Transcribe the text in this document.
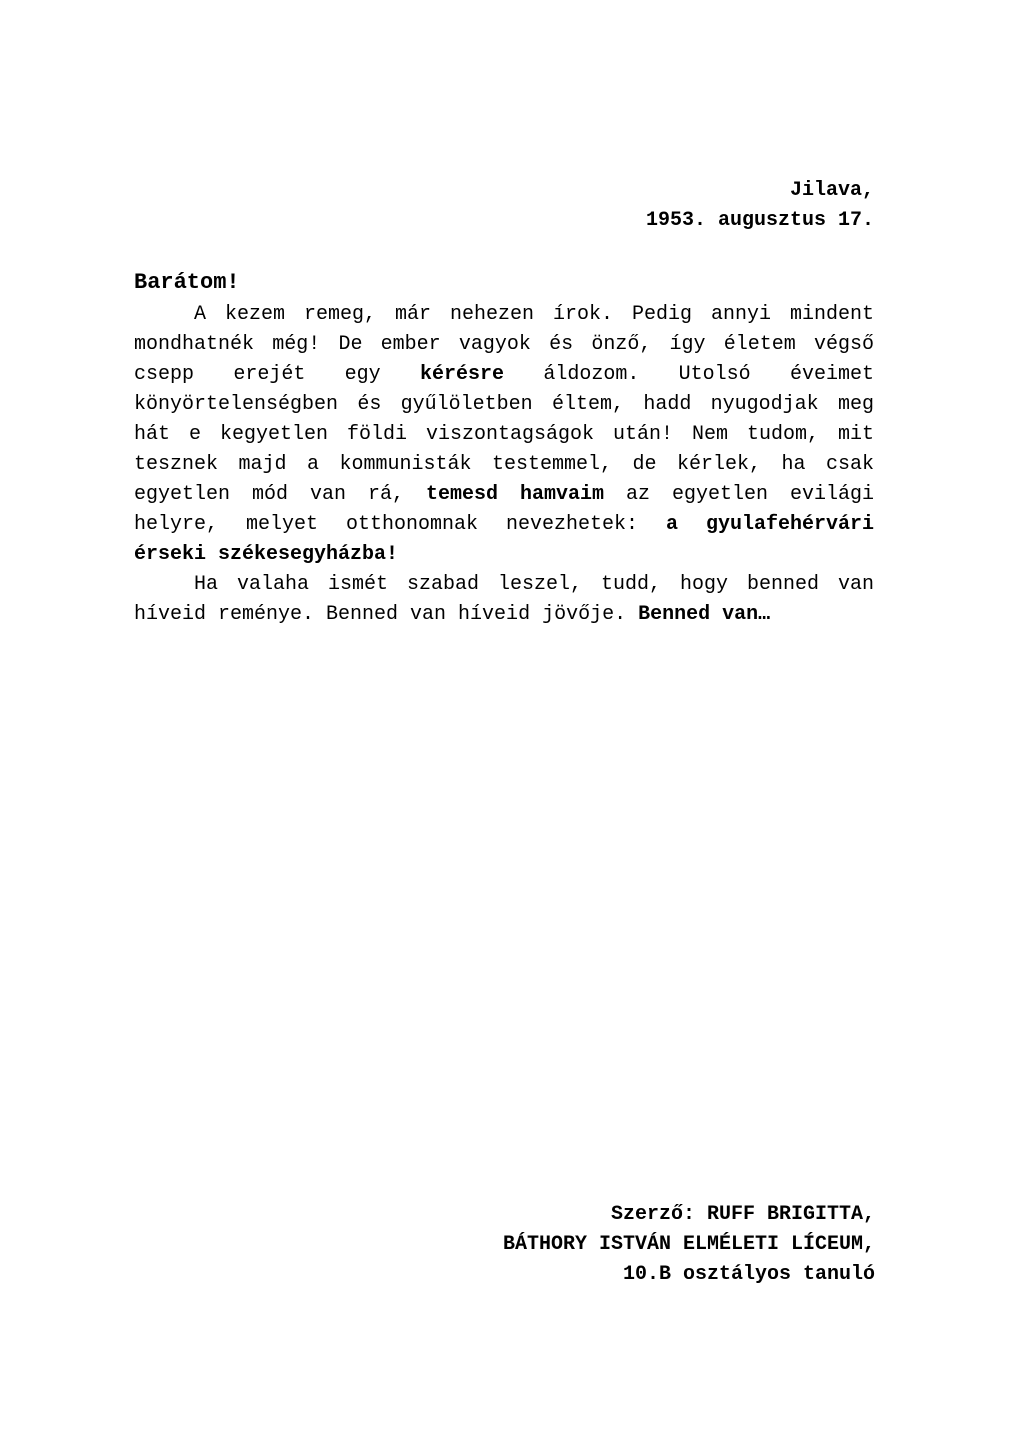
Jilava,
1953. augusztus 17.
Barátom!

A kezem remeg, már nehezen írok. Pedig annyi mindent mondhatnék még! De ember vagyok és önző, így életem végső csepp erejét egy kérésre áldozom. Utolsó éveimet könyörtelenségben és gyűlöletben éltem, hadd nyugodjak meg hát e kegyetlen földi viszontagságok után! Nem tudom, mit tesznek majd a kommunisták testemmel, de kérlek, ha csak egyetlen mód van rá, temesd hamvaim az egyetlen evilági helyre, melyet otthonomnak nevezhetek: a gyulafehérvári érseki székesegyházba!

Ha valaha ismét szabad leszel, tudd, hogy benned van híveid reménye. Benned van híveid jövője. Benned van…

Szerző: RUFF BRIGITTA,
BÁTHORY ISTVÁN ELMÉLETI LÍCEUM,
10.B osztályos tanuló
